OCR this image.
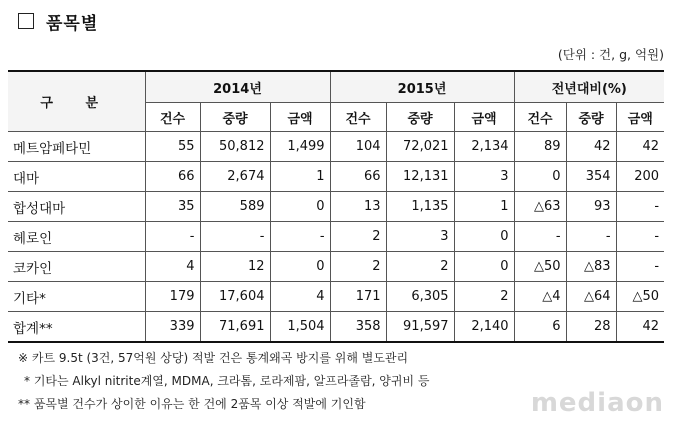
품목별
(단위 : 건, g, 억원)
구 분	2014년			2015년			전년대비(%)		
	건수	중량	금액	건수	중량	금액	건수	중량	금액
메트암페타민	55	50,812	1,499	104	72,021	2,134	89	42	42
대마	66	2,674	1	66	12,131	3	0	354	200
합성대마	35	589	0	13	1,135	1	△63	93	-
헤로인	-	-	-	2	3	0	-	-	-
코카인	4	12	0	2	2	0	△50	△83	-
기타*	179	17,604	4	171	6,305	2	△4	△64	△50
합계**	339	71,691	1,504	358	91,597	2,140	6	28	42
※ 카트 9.5t (3건, 57억원 상당) 적발 건은 통계왜곡 방지를 위해 별도관리
* 기타는 Alkyl nitrite계열, MDMA, 크라톰, 로라제팜, 알프라졸람, 양귀비 등
** 품목별 건수가 상이한 이유는 한 건에 2품목 이상 적발에 기인함	mediaon
